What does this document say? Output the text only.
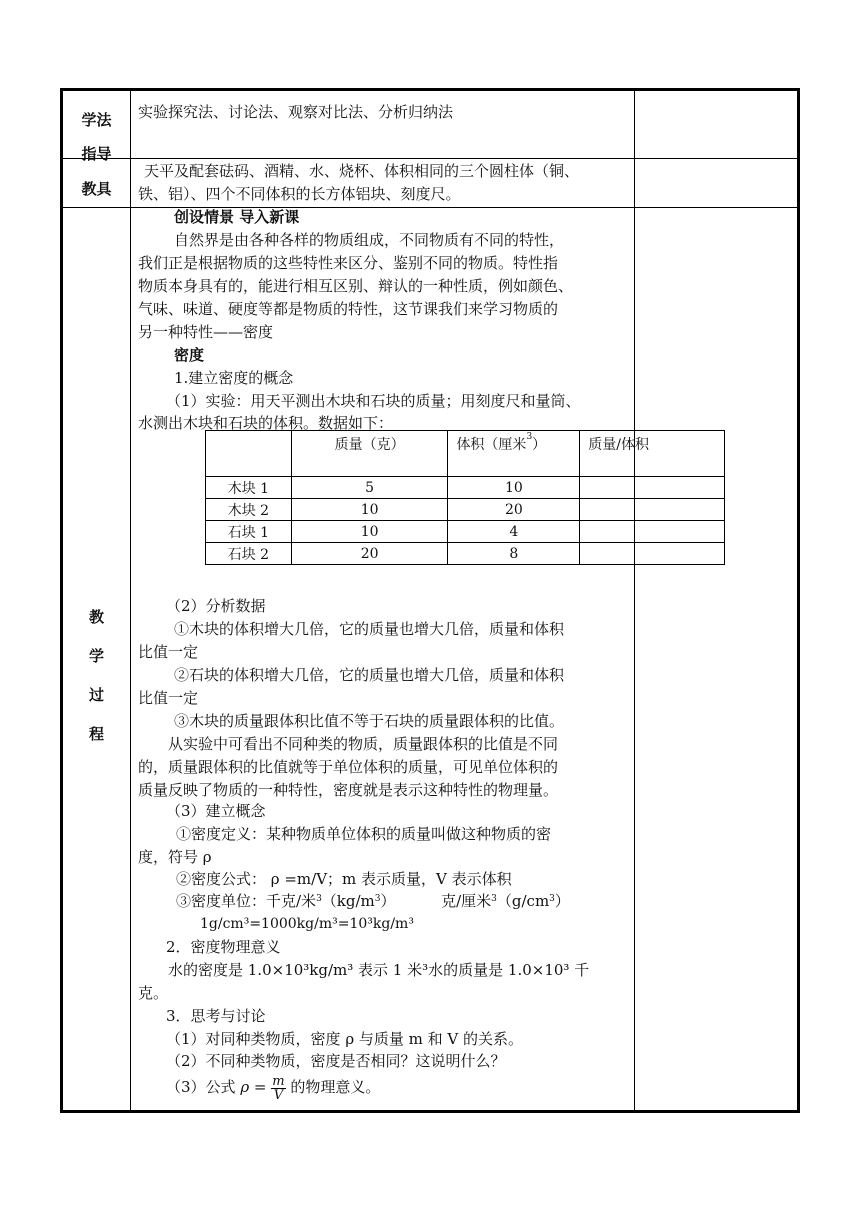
学法
指导
实验探究法、讨论法、观察对比法、分析归纳法
教具
天平及配套砝码、酒精、水、烧杯、体积相同的三个圆柱体（铜、
铁、铝）、四个不同体积的长方体铝块、刻度尺。
教
学
过
程
创设情景 导入新课
自然界是由各种各样的物质组成，不同物质有不同的特性，
我们正是根据物质的这些特性来区分、鉴别不同的物质。特性指
物质本身具有的，能进行相互区别、辩认的一种性质，例如颜色、
气味、味道、硬度等都是物质的特性，这节课我们来学习物质的
另一种特性——密度
密度
1.建立密度的概念
（1）实验：用天平测出木块和石块的质量；用刻度尺和量筒、
水测出木块和石块的体积。数据如下：
	质量（克）	体积（厘米$^3$）	质量/体积
木块 1	5	10	
木块 2	10	20	
石块 1	10	4	
石块 2	20	8	
（2）分析数据
①木块的体积增大几倍，它的质量也增大几倍，质量和体积
比值一定
②石块的体积增大几倍，它的质量也增大几倍，质量和体积
比值一定
③木块的质量跟体积比值不等于石块的质量跟体积的比值。
从实验中可看出不同种类的物质，质量跟体积的比值是不同
的，质量跟体积的比值就等于单位体积的质量，可见单位体积的
质量反映了物质的一种特性，密度就是表示这种特性的物理量。
（3）建立概念
①密度定义：某种物质单位体积的质量叫做这种物质的密
度，符号 ρ
②密度公式： ρ =m/V；m 表示质量，V 表示体积
③密度单位：千克/米$^3(kg/m^3)$	克/厘米$^3(g/cm^3)$
1g/cm³=1000kg/m³=10³kg/m³
2．密度物理意义
水的密度是 1.0×10³kg/m³ 表示 1 米³水的质量是 1.0×10³ 千
克。
3．思考与讨论
（1）对同种类物质，密度 ρ 与质量 m 和 V 的关系。
（2）不同种类物质，密度是否相同？这说明什么？
（3）公式 $\rho = \frac{m}{V}$ 的物理意义。
